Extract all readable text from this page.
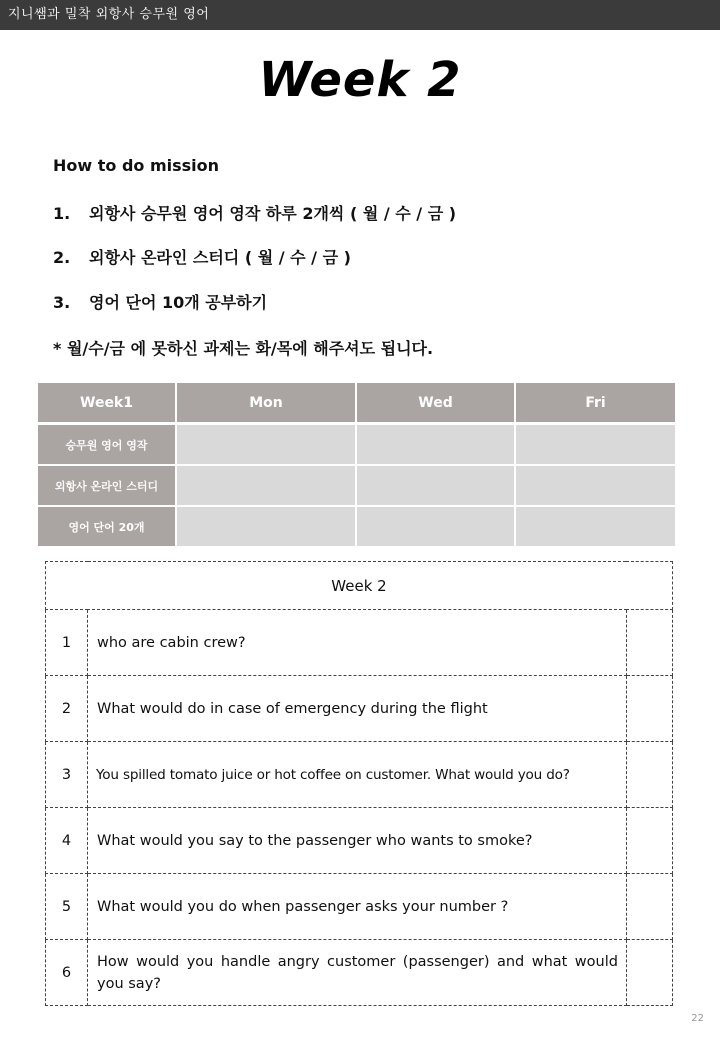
지니쌤과 밀착 외항사 승무원 영어
Week 2
How to do mission
1. 외항사 승무원 영어 영작 하루 2개씩 ( 월 / 수 / 금 )
2. 외항사 온라인 스터디 ( 월 / 수 / 금 )
3. 영어 단어 10개 공부하기
* 월/수/금 에 못하신 과제는 화/목에 해주셔도 됩니다.
Week1	Mon	Wed	Fri
승무원 영어 영작			
외항사 온라인 스터디			
영어 단어 20개			
Week 2		
1	who are cabin crew?	
2	What would do in case of emergency during the flight	
3	You spilled tomato juice or hot coffee on customer. What would you do?	
4	What would you say to the passenger who wants to smoke?	
5	What would you do when passenger asks your number ?	
6	How would you handle angry customer (passenger) and what would you say?	
22
